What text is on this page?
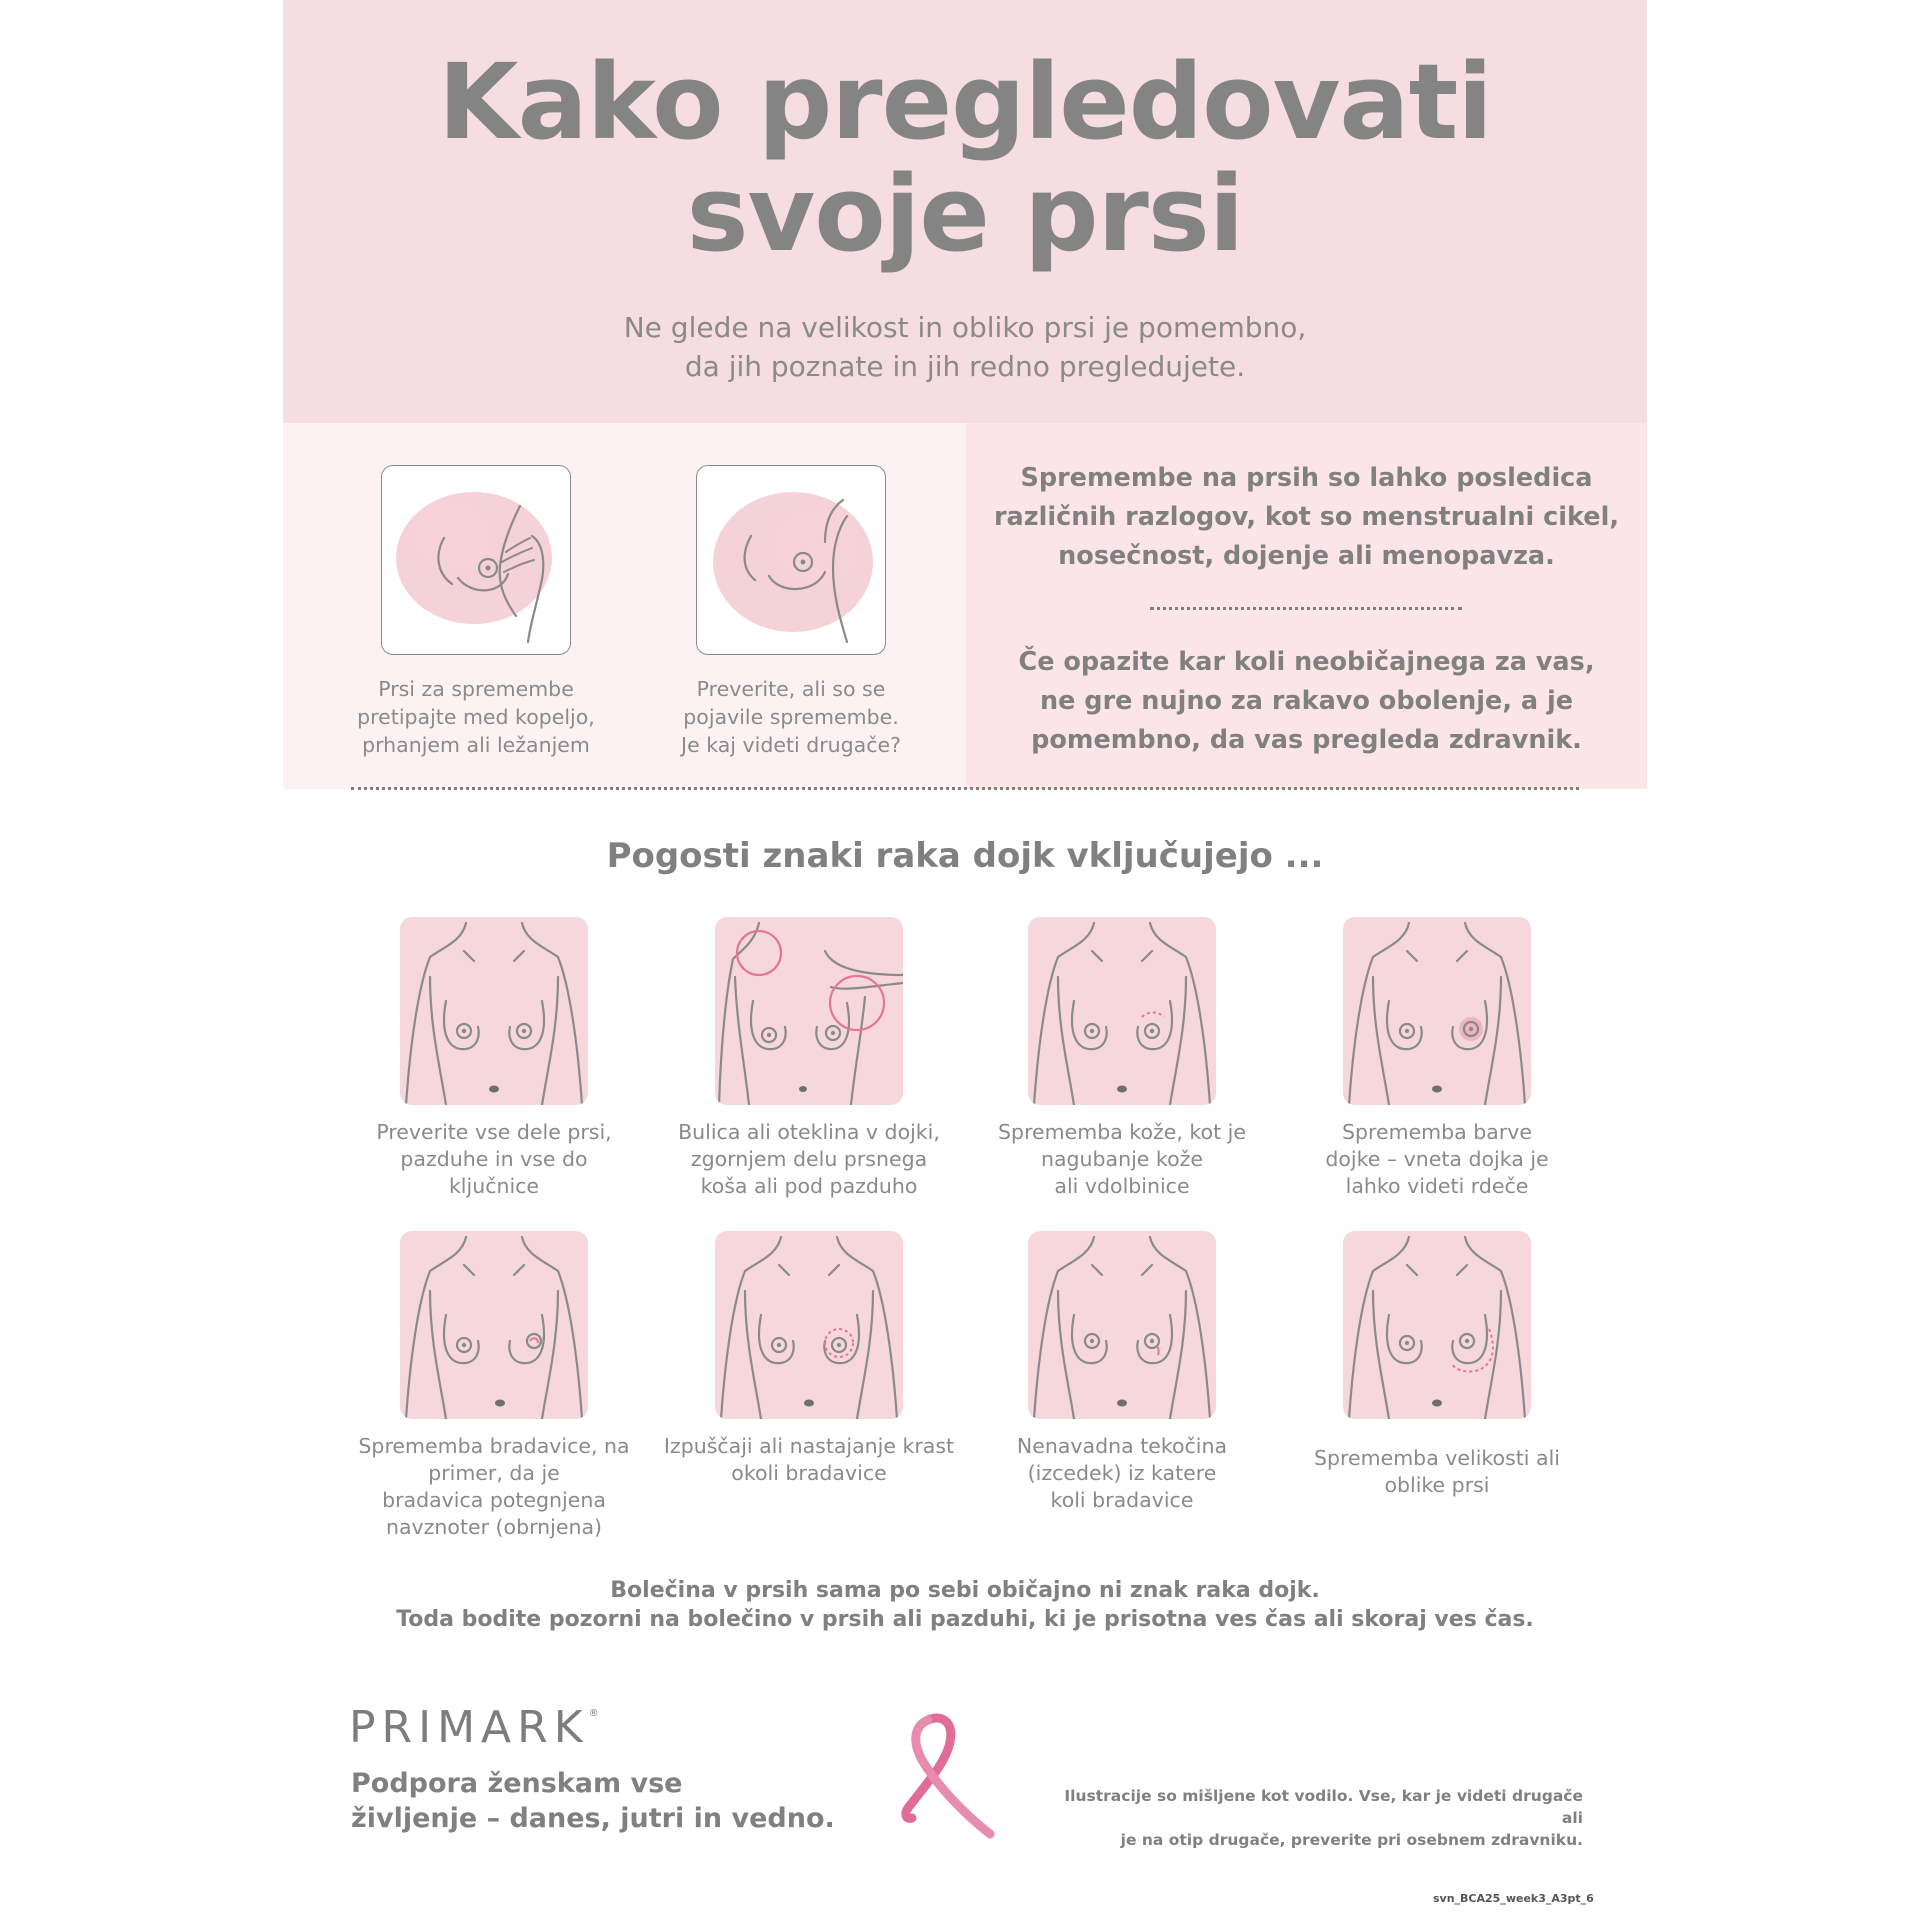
Kako pregledovati
svoje prsi
Ne glede na velikost in obliko prsi je pomembno,
da jih poznate in jih redno pregledujete.
Prsi za spremembe
pretipajte med kopeljo,
prhanjem ali ležanjem
Preverite, ali so se
pojavile spremembe.
Je kaj videti drugače?
Spremembe na prsih so lahko posledica
različnih razlogov, kot so menstrualni cikel,
nosečnost, dojenje ali menopavza.
Če opazite kar koli neobičajnega za vas,
ne gre nujno za rakavo obolenje, a je
pomembno, da vas pregleda zdravnik.
Pogosti znaki raka dojk vključujejo ...
Preverite vse dele prsi,
pazduhe in vse do
ključnice
Bulica ali oteklina v dojki,
zgornjem delu prsnega
koša ali pod pazduho
Sprememba kože, kot je
nagubanje kože
ali vdolbinice
Sprememba barve
dojke – vneta dojka je
lahko videti rdeče
Sprememba bradavice, na
primer, da je
bradavica potegnjena
navznoter (obrnjena)
Izpuščaji ali nastajanje krast
okoli bradavice
Nenavadna tekočina
(izcedek) iz katere
koli bradavice
Sprememba velikosti ali
oblike prsi
Bolečina v prsih sama po sebi običajno ni znak raka dojk.
Toda bodite pozorni na bolečino v prsih ali pazduhi, ki je prisotna ves čas ali skoraj ves čas.
PRIMARK®
Podpora ženskam vse
življenje – danes, jutri in vedno.
Ilustracije so mišljene kot vodilo. Vse, kar je videti drugače ali
je na otip drugače, preverite pri osebnem zdravniku.
svn_BCA25_week3_A3pt_6
